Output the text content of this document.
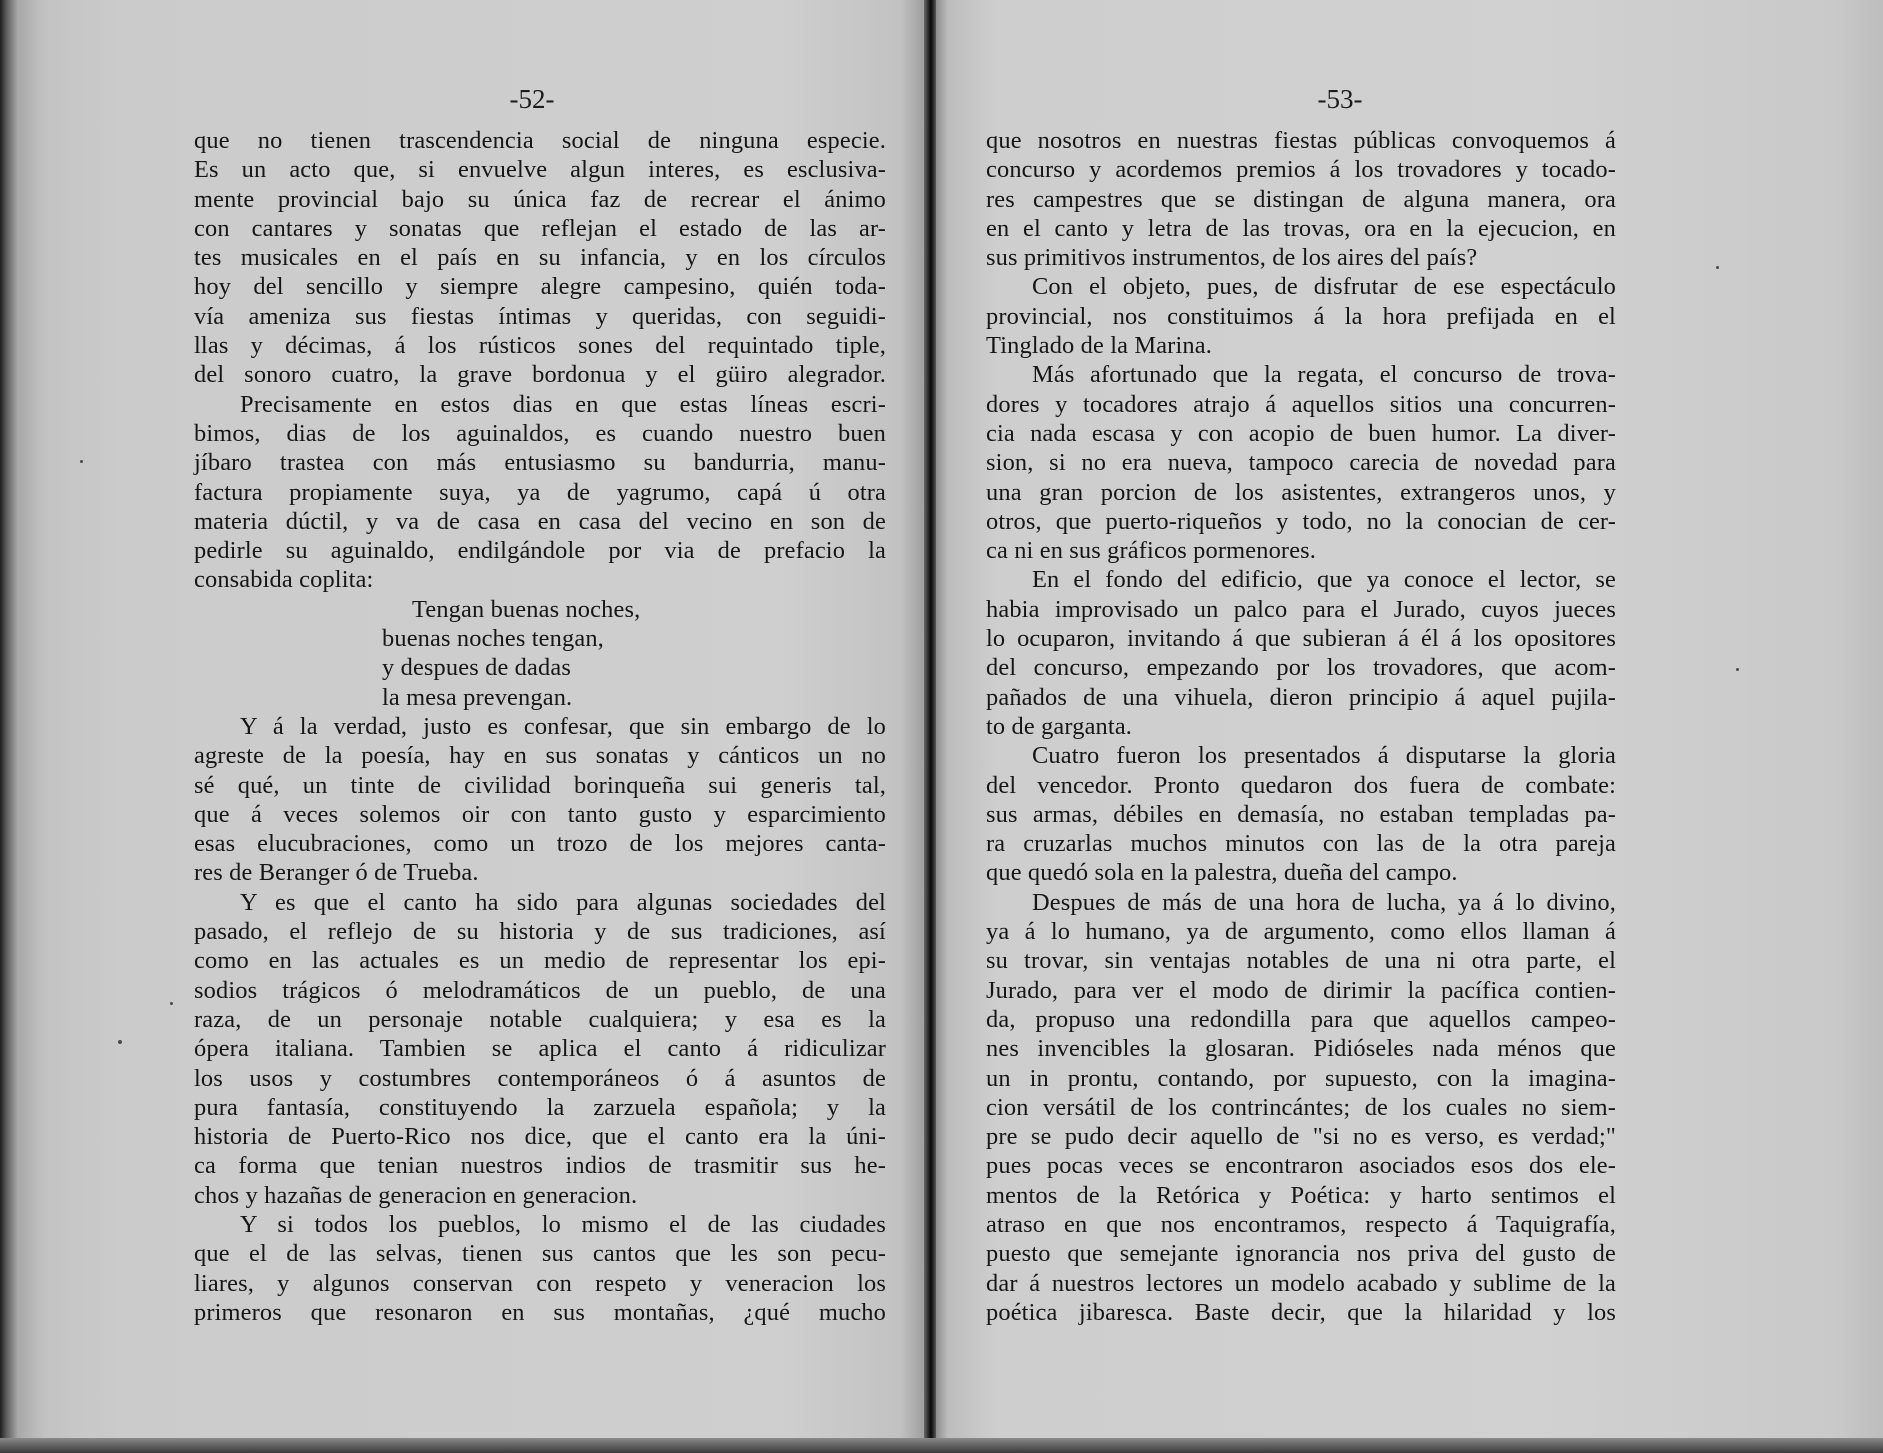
-52-
que no tienen trascendencia social de ninguna especie.
Es un acto que, si envuelve algun interes, es esclusiva-
mente provincial bajo su única faz de recrear el ánimo
con cantares y sonatas que reflejan el estado de las ar-
tes musicales en el país en su infancia, y en los círculos
hoy del sencillo y siempre alegre campesino, quién toda-
vía ameniza sus fiestas íntimas y queridas, con seguidi-
llas y décimas, á los rústicos sones del requintado tiple,
del sonoro cuatro, la grave bordonua y el güiro alegrador.
Precisamente en estos dias en que estas líneas escri-
bimos, dias de los aguinaldos, es cuando nuestro buen
jíbaro trastea con más entusiasmo su bandurria, manu-
factura propiamente suya, ya de yagrumo, capá ú otra
materia dúctil, y va de casa en casa del vecino en son de
pedirle su aguinaldo, endilgándole por via de prefacio la
consabida coplita:
Tengan buenas noches,
buenas noches tengan,
y despues de dadas
la mesa prevengan.
Y á la verdad, justo es confesar, que sin embargo de lo
agreste de la poesía, hay en sus sonatas y cánticos un no
sé qué, un tinte de civilidad borinqueña sui generis tal,
que á veces solemos oir con tanto gusto y esparcimiento
esas elucubraciones, como un trozo de los mejores canta-
res de Beranger ó de Trueba.
Y es que el canto ha sido para algunas sociedades del
pasado, el reflejo de su historia y de sus tradiciones, así
como en las actuales es un medio de representar los epi-
sodios trágicos ó melodramáticos de un pueblo, de una
raza, de un personaje notable cualquiera; y esa es la
ópera italiana. Tambien se aplica el canto á ridiculizar
los usos y costumbres contemporáneos ó á asuntos de
pura fantasía, constituyendo la zarzuela española; y la
historia de Puerto-Rico nos dice, que el canto era la úni-
ca forma que tenian nuestros indios de trasmitir sus he-
chos y hazañas de generacion en generacion.
Y si todos los pueblos, lo mismo el de las ciudades
que el de las selvas, tienen sus cantos que les son pecu-
liares, y algunos conservan con respeto y veneracion los
primeros que resonaron en sus montañas, ¿qué mucho
-53-
que nosotros en nuestras fiestas públicas convoquemos á
concurso y acordemos premios á los trovadores y tocado-
res campestres que se distingan de alguna manera, ora
en el canto y letra de las trovas, ora en la ejecucion, en
sus primitivos instrumentos, de los aires del país?
Con el objeto, pues, de disfrutar de ese espectáculo
provincial, nos constituimos á la hora prefijada en el
Tinglado de la Marina.
Más afortunado que la regata, el concurso de trova-
dores y tocadores atrajo á aquellos sitios una concurren-
cia nada escasa y con acopio de buen humor. La diver-
sion, si no era nueva, tampoco carecia de novedad para
una gran porcion de los asistentes, extrangeros unos, y
otros, que puerto-riqueños y todo, no la conocian de cer-
ca ni en sus gráficos pormenores.
En el fondo del edificio, que ya conoce el lector, se
habia improvisado un palco para el Jurado, cuyos jueces
lo ocuparon, invitando á que subieran á él á los opositores
del concurso, empezando por los trovadores, que acom-
pañados de una vihuela, dieron principio á aquel pujila-
to de garganta.
Cuatro fueron los presentados á disputarse la gloria
del vencedor. Pronto quedaron dos fuera de combate:
sus armas, débiles en demasía, no estaban templadas pa-
ra cruzarlas muchos minutos con las de la otra pareja
que quedó sola en la palestra, dueña del campo.
Despues de más de una hora de lucha, ya á lo divino,
ya á lo humano, ya de argumento, como ellos llaman á
su trovar, sin ventajas notables de una ni otra parte, el
Jurado, para ver el modo de dirimir la pacífica contien-
da, propuso una redondilla para que aquellos campeo-
nes invencibles la glosaran. Pidióseles nada ménos que
un in prontu, contando, por supuesto, con la imagina-
cion versátil de los contrincántes; de los cuales no siem-
pre se pudo decir aquello de "si no es verso, es verdad;"
pues pocas veces se encontraron asociados esos dos ele-
mentos de la Retórica y Poética: y harto sentimos el
atraso en que nos encontramos, respecto á Taquigrafía,
puesto que semejante ignorancia nos priva del gusto de
dar á nuestros lectores un modelo acabado y sublime de la
poética jibaresca. Baste decir, que la hilaridad y los
